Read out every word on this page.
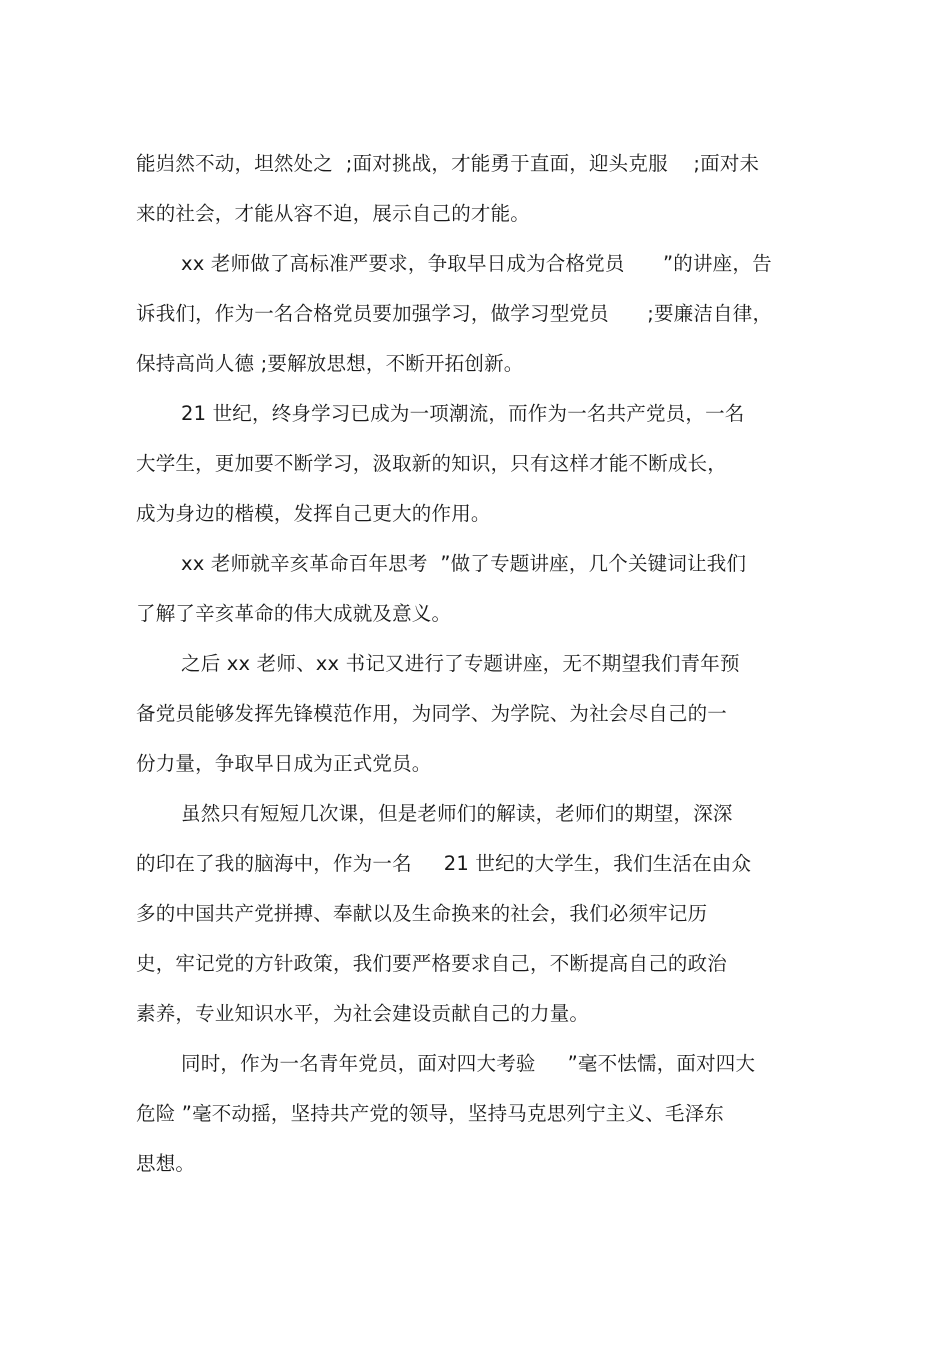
能岿然不动，坦然处之  ;面对挑战，才能勇于直面，迎头克服    ;面对未
来的社会，才能从容不迫，展示自己的才能。
xx 老师做了高标准严要求，争取早日成为合格党员      ”的讲座，告
诉我们，作为一名合格党员要加强学习，做学习型党员      ;要廉洁自律，
保持高尚人德 ;要解放思想，不断开拓创新。
21 世纪，终身学习已成为一项潮流，而作为一名共产党员，一名
大学生，更加要不断学习，汲取新的知识，只有这样才能不断成长，
成为身边的楷模，发挥自己更大的作用。
xx 老师就辛亥革命百年思考  ”做了专题讲座，几个关键词让我们
了解了辛亥革命的伟大成就及意义。
之后 xx 老师、xx 书记又进行了专题讲座，无不期望我们青年预
备党员能够发挥先锋模范作用，为同学、为学院、为社会尽自己的一
份力量，争取早日成为正式党员。
虽然只有短短几次课，但是老师们的解读，老师们的期望，深深
的印在了我的脑海中，作为一名     21 世纪的大学生，我们生活在由众
多的中国共产党拼搏、奉献以及生命换来的社会，我们必须牢记历
史，牢记党的方针政策，我们要严格要求自己，不断提高自己的政治
素养，专业知识水平，为社会建设贡献自己的力量。
同时，作为一名青年党员，面对四大考验     ”毫不怯懦，面对四大
危险 ”毫不动摇，坚持共产党的领导，坚持马克思列宁主义、毛泽东
思想。
